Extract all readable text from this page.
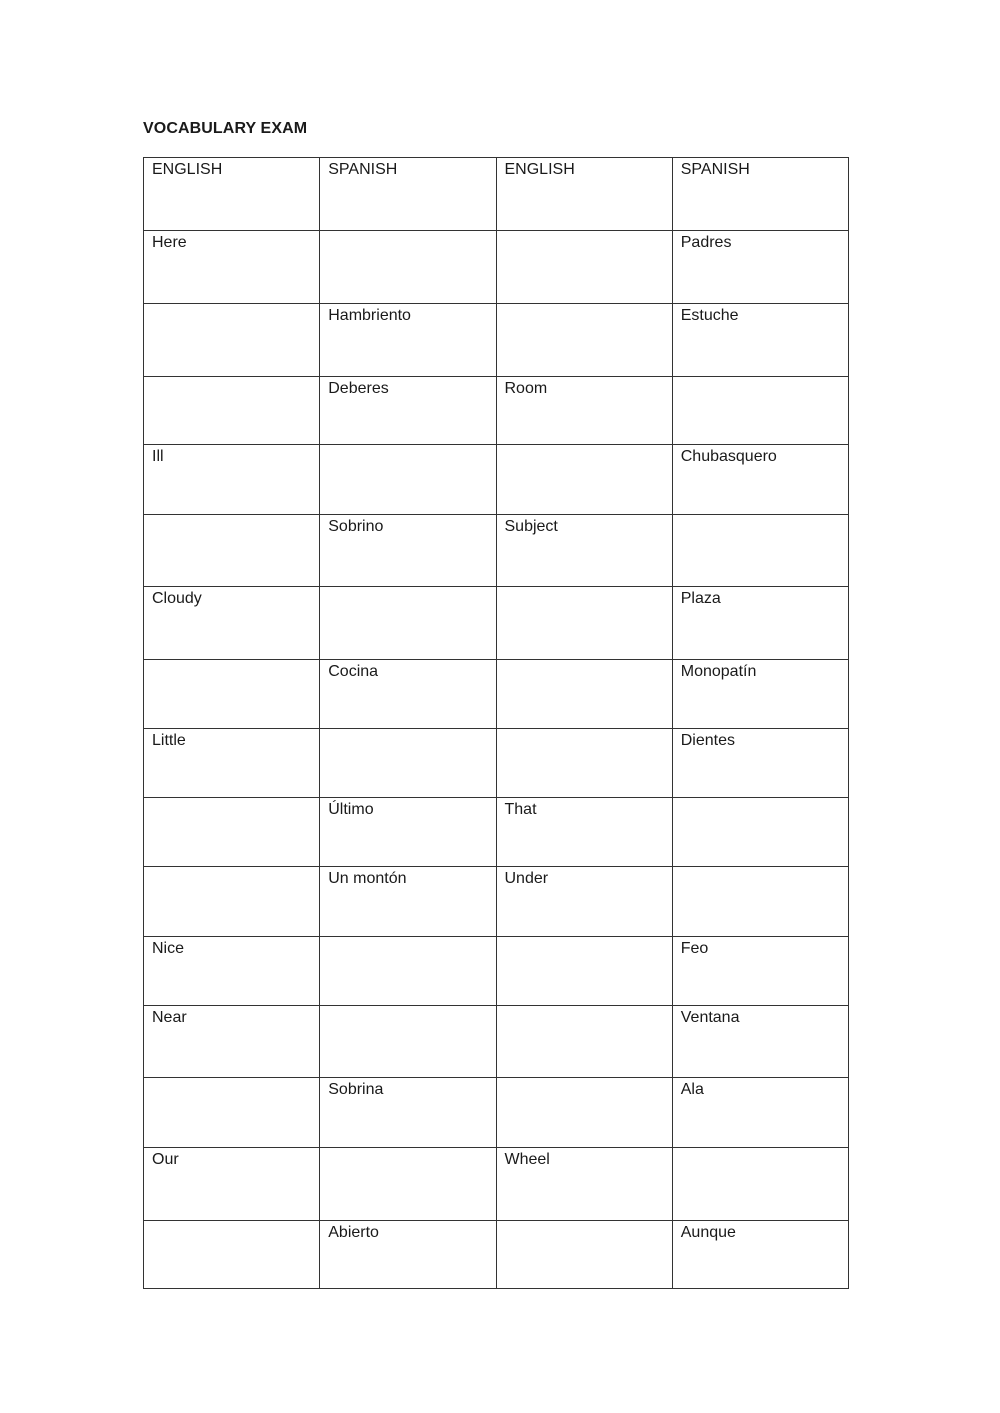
VOCABULARY EXAM
ENGLISH	SPANISH	ENGLISH	SPANISH
Here			Padres
	Hambriento		Estuche
	Deberes	Room	
Ill			Chubasquero
	Sobrino	Subject	
Cloudy			Plaza
	Cocina		Monopatín
Little			Dientes
	Último	That	
	Un montón	Under	
Nice			Feo
Near			Ventana
	Sobrina		Ala
Our		Wheel	
	Abierto		Aunque
